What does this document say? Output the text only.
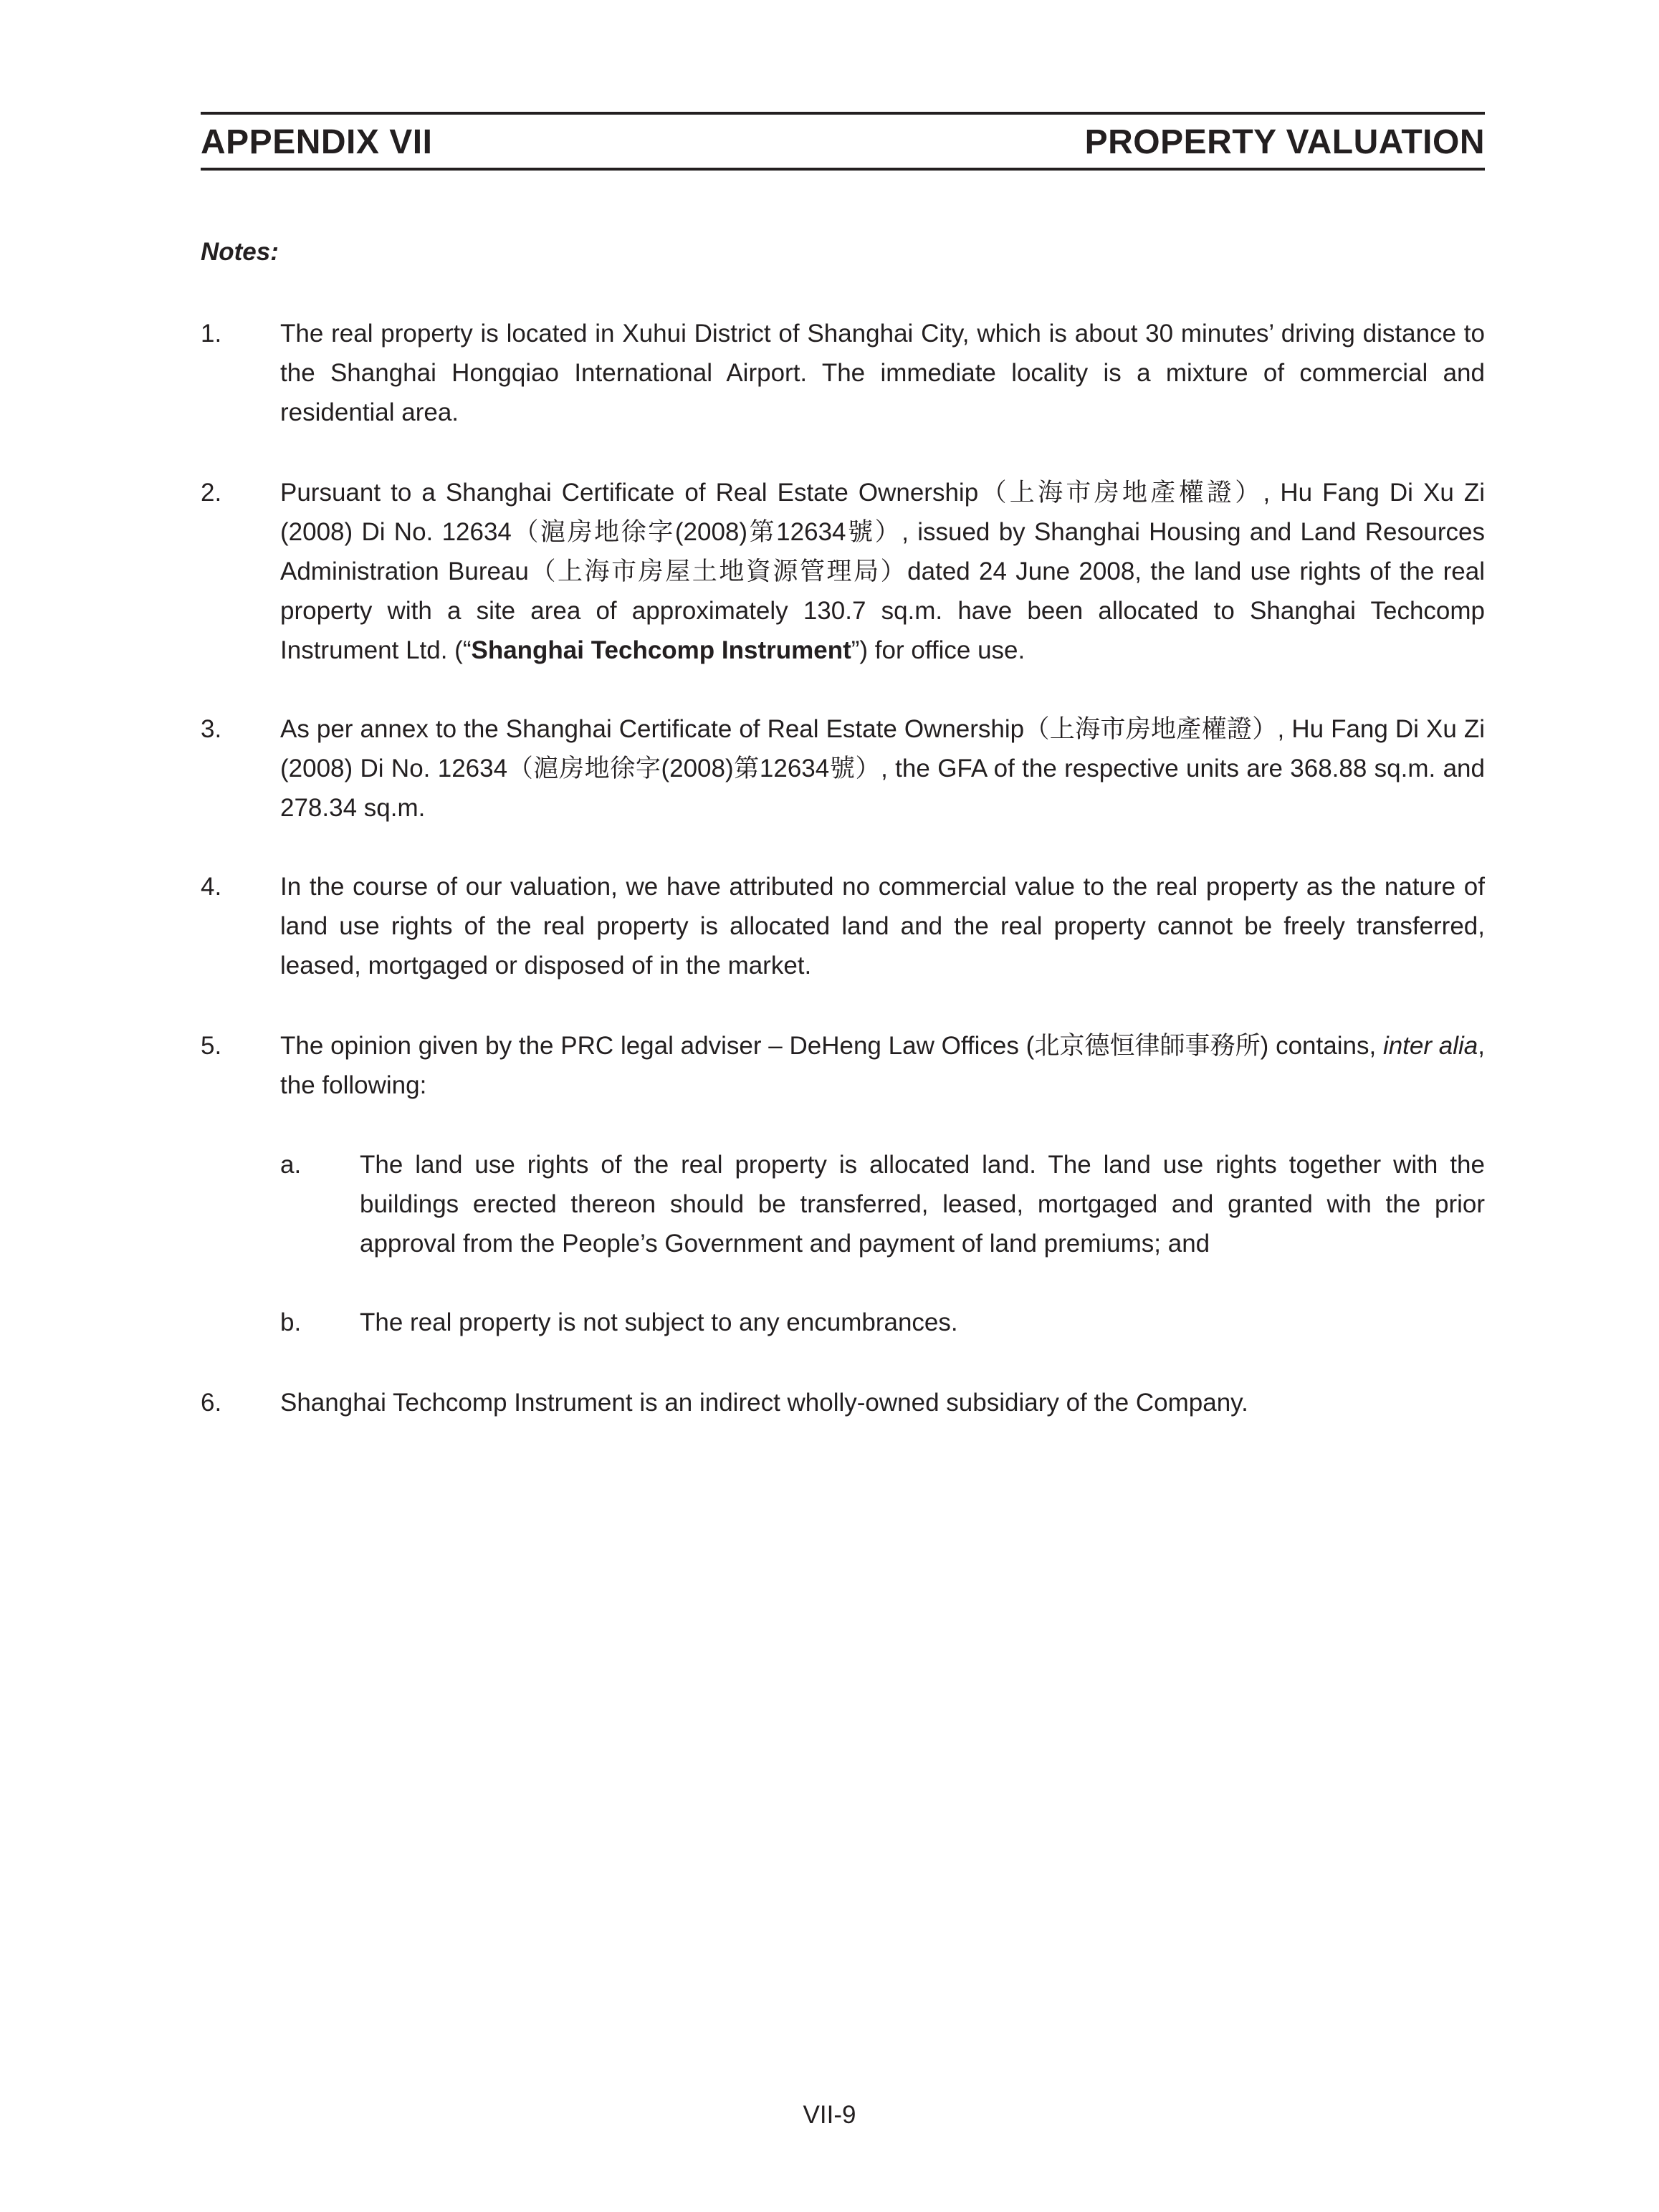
APPENDIX VII	PROPERTY VALUATION
Notes:
1. The real property is located in Xuhui District of Shanghai City, which is about 30 minutes’ driving distance to the Shanghai Hongqiao International Airport. The immediate locality is a mixture of commercial and residential area.
2. Pursuant to a Shanghai Certificate of Real Estate Ownership（上海市房地產權證）, Hu Fang Di Xu Zi (2008) Di No. 12634（滬房地徐字(2008)第12634號）, issued by Shanghai Housing and Land Resources Administration Bureau（上海市房屋土地資源管理局）dated 24 June 2008, the land use rights of the real property with a site area of approximately 130.7 sq.m. have been allocated to Shanghai Techcomp Instrument Ltd. (“Shanghai Techcomp Instrument”) for office use.
3. As per annex to the Shanghai Certificate of Real Estate Ownership（上海市房地產權證）, Hu Fang Di Xu Zi (2008) Di No. 12634（滬房地徐字(2008)第12634號）, the GFA of the respective units are 368.88 sq.m. and 278.34 sq.m.
4. In the course of our valuation, we have attributed no commercial value to the real property as the nature of land use rights of the real property is allocated land and the real property cannot be freely transferred, leased, mortgaged or disposed of in the market.
5. The opinion given by the PRC legal adviser – DeHeng Law Offices (北京德恒律師事務所) contains, inter alia, the following:
a. The land use rights of the real property is allocated land. The land use rights together with the buildings erected thereon should be transferred, leased, mortgaged and granted with the prior approval from the People’s Government and payment of land premiums; and
b. The real property is not subject to any encumbrances.
6. Shanghai Techcomp Instrument is an indirect wholly-owned subsidiary of the Company.
VII-9
